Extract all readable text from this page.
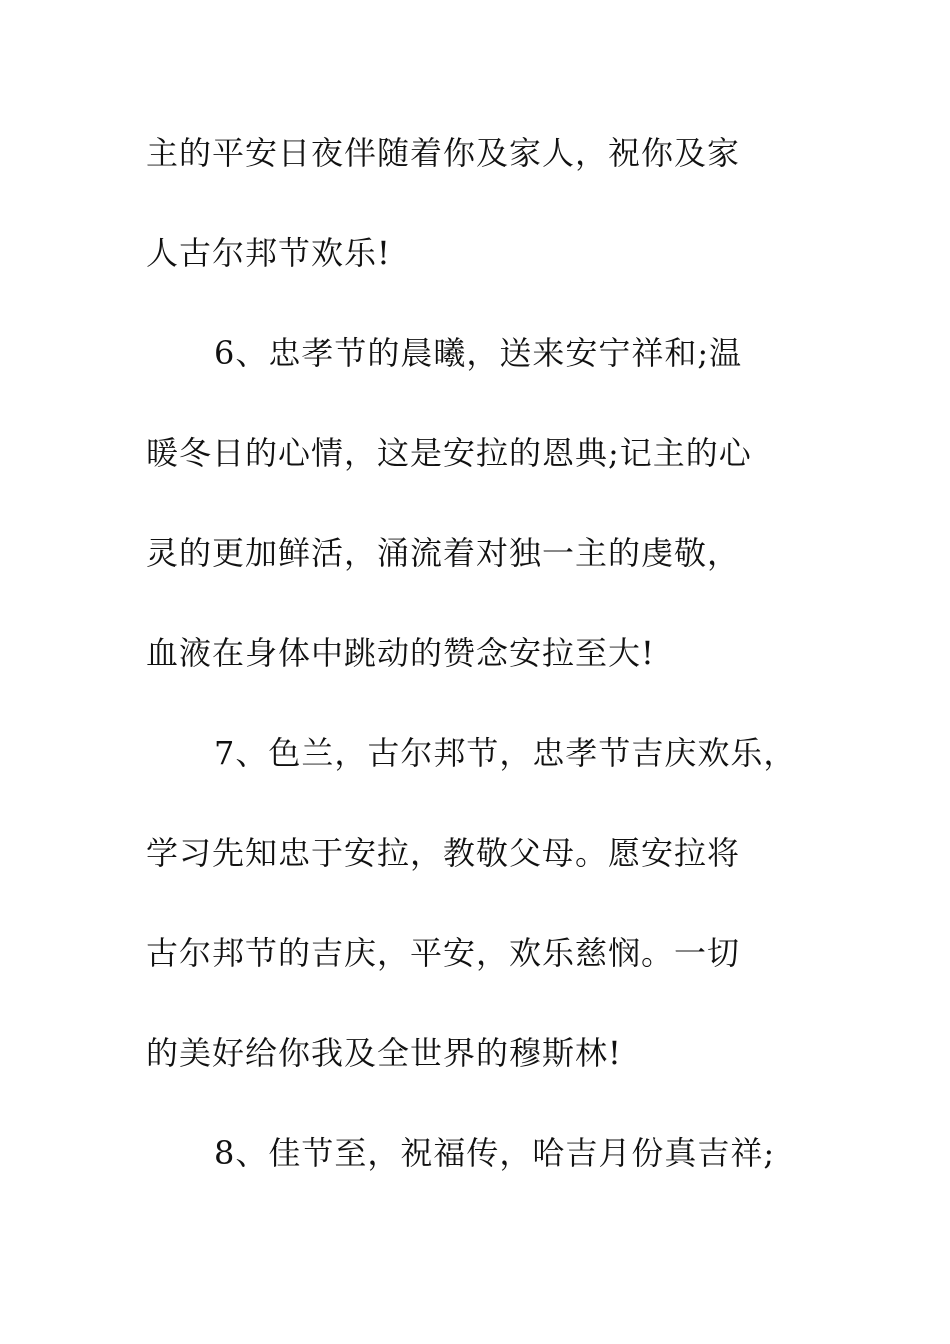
主的平安日夜伴随着你及家人，祝你及家
人古尔邦节欢乐!
6、忠孝节的晨曦，送来安宁祥和;温
暖冬日的心情，这是安拉的恩典;记主的心
灵的更加鲜活，涌流着对独一主的虔敬，
血液在身体中跳动的赞念安拉至大!
7、色兰，古尔邦节，忠孝节吉庆欢乐，
学习先知忠于安拉，教敬父母。愿安拉将
古尔邦节的吉庆，平安，欢乐慈悯。一切
的美好给你我及全世界的穆斯林!
8、佳节至，祝福传，哈吉月份真吉祥;
